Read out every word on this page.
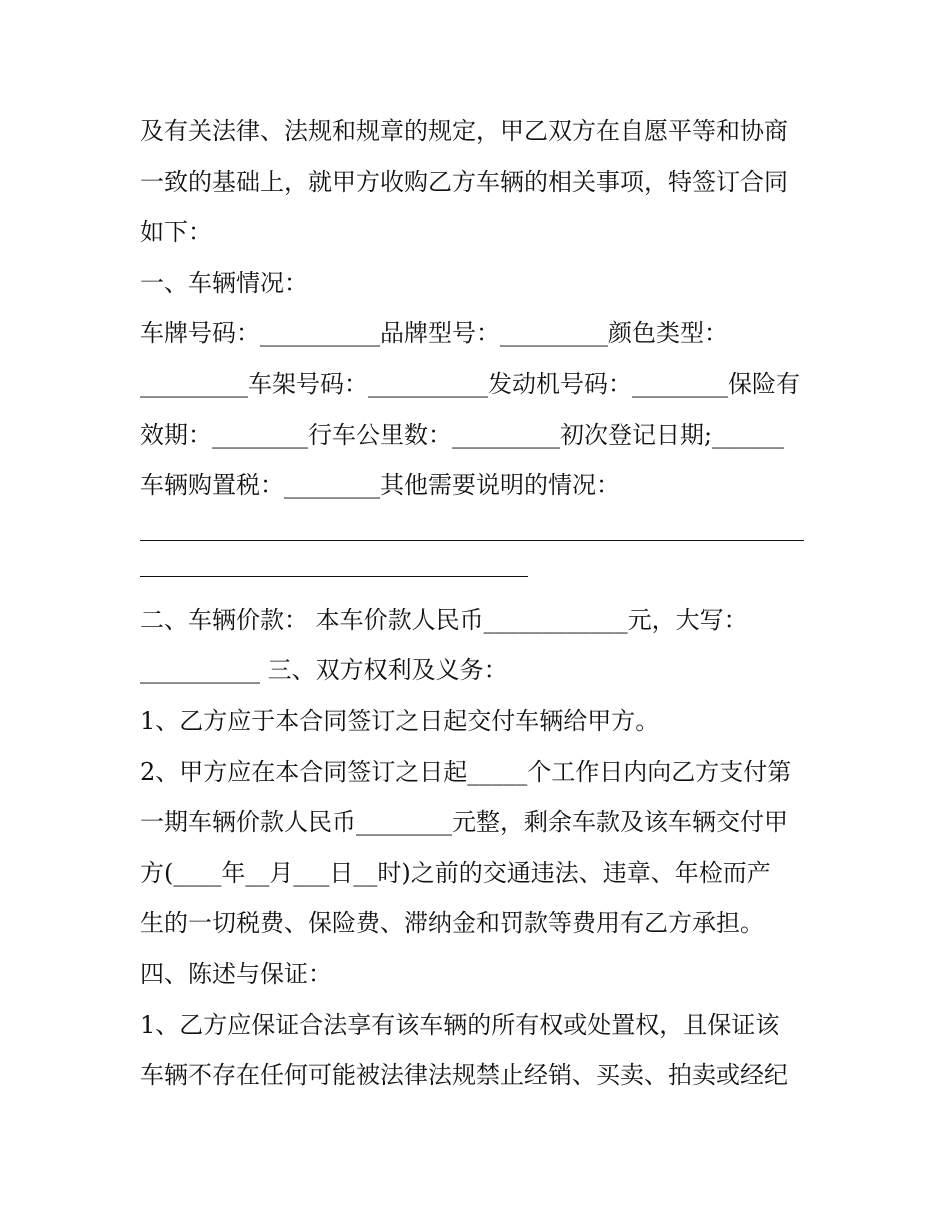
及有关法律、法规和规章的规定，甲乙双方在自愿平等和协商
一致的基础上，就甲方收购乙方车辆的相关事项，特签订合同
如下：
一、车辆情况：
车牌号码：__________品牌型号：_________颜色类型：
_________车架号码：__________发动机号码：________保险有
效期：________行车公里数：_________初次登记日期;______
车辆购置税：________其他需要说明的情况：
二、车辆价款： 本车价款人民币____________元，大写：
__________ 三、双方权利及义务：
1、乙方应于本合同签订之日起交付车辆给甲方。
2、甲方应在本合同签订之日起_____个工作日内向乙方支付第
一期车辆价款人民币________元整，剩余车款及该车辆交付甲
方(____年__月___日__时)之前的交通违法、违章、年检而产
生的一切税费、保险费、滞纳金和罚款等费用有乙方承担。
四、陈述与保证：
1、乙方应保证合法享有该车辆的所有权或处置权，且保证该
车辆不存在任何可能被法律法规禁止经销、买卖、拍卖或经纪
